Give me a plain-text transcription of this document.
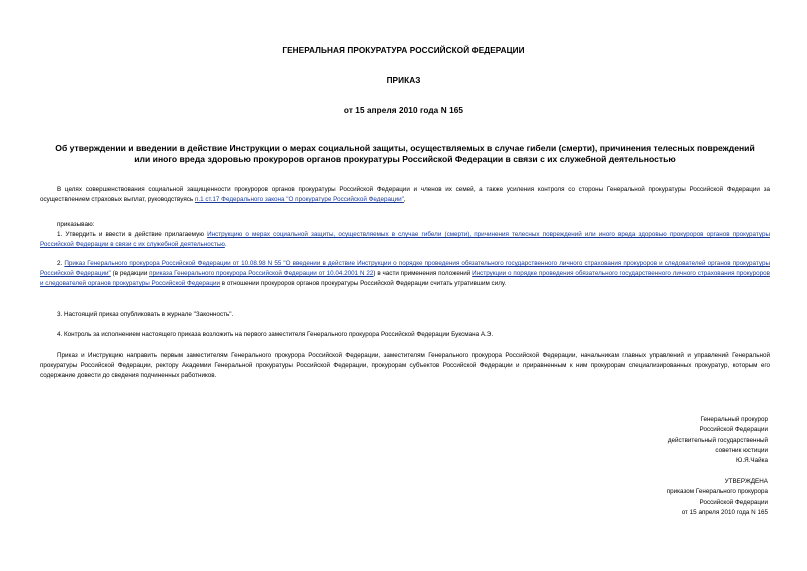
ГЕНЕРАЛЬНАЯ ПРОКУРАТУРА РОССИЙСКОЙ ФЕДЕРАЦИИ
ПРИКАЗ
от 15 апреля 2010 года N 165
Об утверждении и введении в действие Инструкции о мерах социальной защиты, осуществляемых в случае гибели (смерти), причинения телесных повреждений
или иного вреда здоровью прокуроров органов прокуратуры Российской Федерации в связи с их служебной деятельностью
В целях совершенствования социальной защищенности прокуроров органов прокуратуры Российской Федерации и членов их семей, а также усиления контроля со стороны Генеральной прокуратуры Российской Федерации за осуществлением страховых выплат, руководствуясь п.1 ст.17 Федерального закона "О прокуратуре Российской Федерации",
приказываю:
1. Утвердить и ввести в действие прилагаемую Инструкцию о мерах социальной защиты, осуществляемых в случае гибели (смерти), причинения телесных повреждений или иного вреда здоровью прокуроров органов прокуратуры Российской Федерации в связи с их служебной деятельностью.
2. Приказ Генерального прокурора Российской Федерации от 10.08.98 N 55 "О введении в действие Инструкции о порядке проведения обязательного государственного личного страхования прокуроров и следователей органов прокуратуры Российской Федерации" (в редакции приказа Генерального прокурора Российской Федерации от 10.04.2001 N 22) в части применения положений Инструкции о порядке проведения обязательного государственного личного страхования прокуроров и следователей органов прокуратуры Российской Федерации в отношении прокуроров органов прокуратуры Российской Федерации считать утратившим силу.
3. Настоящий приказ опубликовать в журнале "Законность".
4. Контроль за исполнением настоящего приказа возложить на первого заместителя Генерального прокурора Российской Федерации Буксмана А.Э.
Приказ и Инструкцию направить первым заместителям Генерального прокурора Российской Федерации, заместителям Генерального прокурора Российской Федерации, начальникам главных управлений и управлений Генеральной прокуратуры Российской Федерации, ректору Академии Генеральной прокуратуры Российской Федерации, прокурорам субъектов Российской Федерации и приравненным к ним прокурорам специализированных прокуратур, которым его содержание довести до сведения подчиненных работников.
Генеральный прокурор
Российской Федерации
действительный государственный
советник юстиции
Ю.Я.Чайка
УТВЕРЖДЕНА
приказом Генерального прокурора
Российской Федерации
от 15 апреля 2010 года N 165
